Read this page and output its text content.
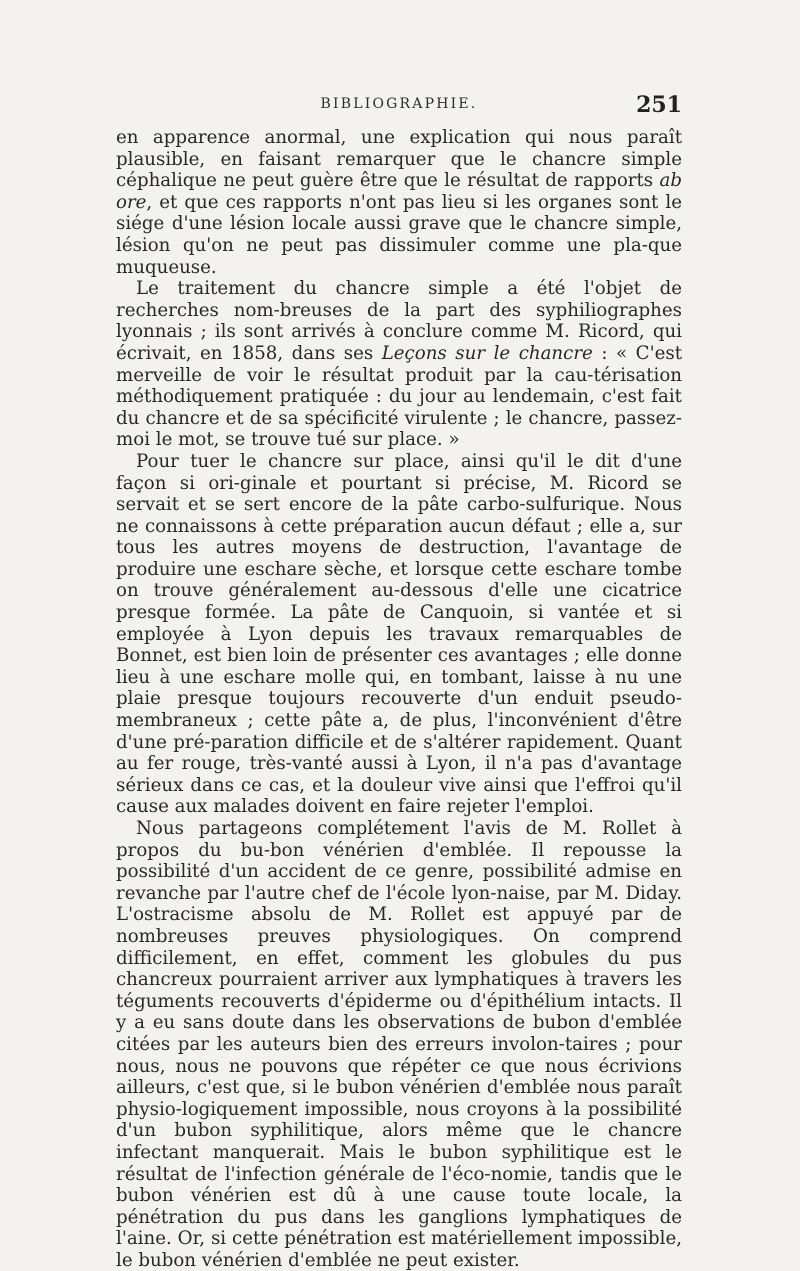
BIBLIOGRAPHIE.	251

en apparence anormal, une explication qui nous paraît plausible, en faisant remarquer que le chancre simple céphalique ne peut guère être que le résultat de rapports ab ore, et que ces rapports n'ont pas lieu si les organes sont le siége d'une lésion locale aussi grave que le chancre simple, lésion qu'on ne peut pas dissimuler comme une pla-que muqueuse.

Le traitement du chancre simple a été l'objet de recherches nom-breuses de la part des syphiliographes lyonnais ; ils sont arrivés à conclure comme M. Ricord, qui écrivait, en 1858, dans ses Leçons sur le chancre : « C'est merveille de voir le résultat produit par la cau-térisation méthodiquement pratiquée : du jour au lendemain, c'est fait du chancre et de sa spécificité virulente ; le chancre, passez-moi le mot, se trouve tué sur place. »

Pour tuer le chancre sur place, ainsi qu'il le dit d'une façon si ori-ginale et pourtant si précise, M. Ricord se servait et se sert encore de la pâte carbo-sulfurique. Nous ne connaissons à cette préparation aucun défaut ; elle a, sur tous les autres moyens de destruction, l'avantage de produire une eschare sèche, et lorsque cette eschare tombe on trouve généralement au-dessous d'elle une cicatrice presque formée. La pâte de Canquoin, si vantée et si employée à Lyon depuis les travaux remarquables de Bonnet, est bien loin de présenter ces avantages ; elle donne lieu à une eschare molle qui, en tombant, laisse à nu une plaie presque toujours recouverte d'un enduit pseudo-membraneux ; cette pâte a, de plus, l'inconvénient d'être d'une pré-paration difficile et de s'altérer rapidement. Quant au fer rouge, très-vanté aussi à Lyon, il n'a pas d'avantage sérieux dans ce cas, et la douleur vive ainsi que l'effroi qu'il cause aux malades doivent en faire rejeter l'emploi.

Nous partageons complétement l'avis de M. Rollet à propos du bu-bon vénérien d'emblée. Il repousse la possibilité d'un accident de ce genre, possibilité admise en revanche par l'autre chef de l'école lyon-naise, par M. Diday. L'ostracisme absolu de M. Rollet est appuyé par de nombreuses preuves physiologiques. On comprend difficilement, en effet, comment les globules du pus chancreux pourraient arriver aux lymphatiques à travers les téguments recouverts d'épiderme ou d'épithélium intacts. Il y a eu sans doute dans les observations de bubon d'emblée citées par les auteurs bien des erreurs involon-taires ; pour nous, nous ne pouvons que répéter ce que nous écrivions ailleurs, c'est que, si le bubon vénérien d'emblée nous paraît physio-logiquement impossible, nous croyons à la possibilité d'un bubon syphilitique, alors même que le chancre infectant manquerait. Mais le bubon syphilitique est le résultat de l'infection générale de l'éco-nomie, tandis que le bubon vénérien est dû à une cause toute locale, la pénétration du pus dans les ganglions lymphatiques de l'aine. Or, si cette pénétration est matériellement impossible, le bubon vénérien d'emblée ne peut exister.
